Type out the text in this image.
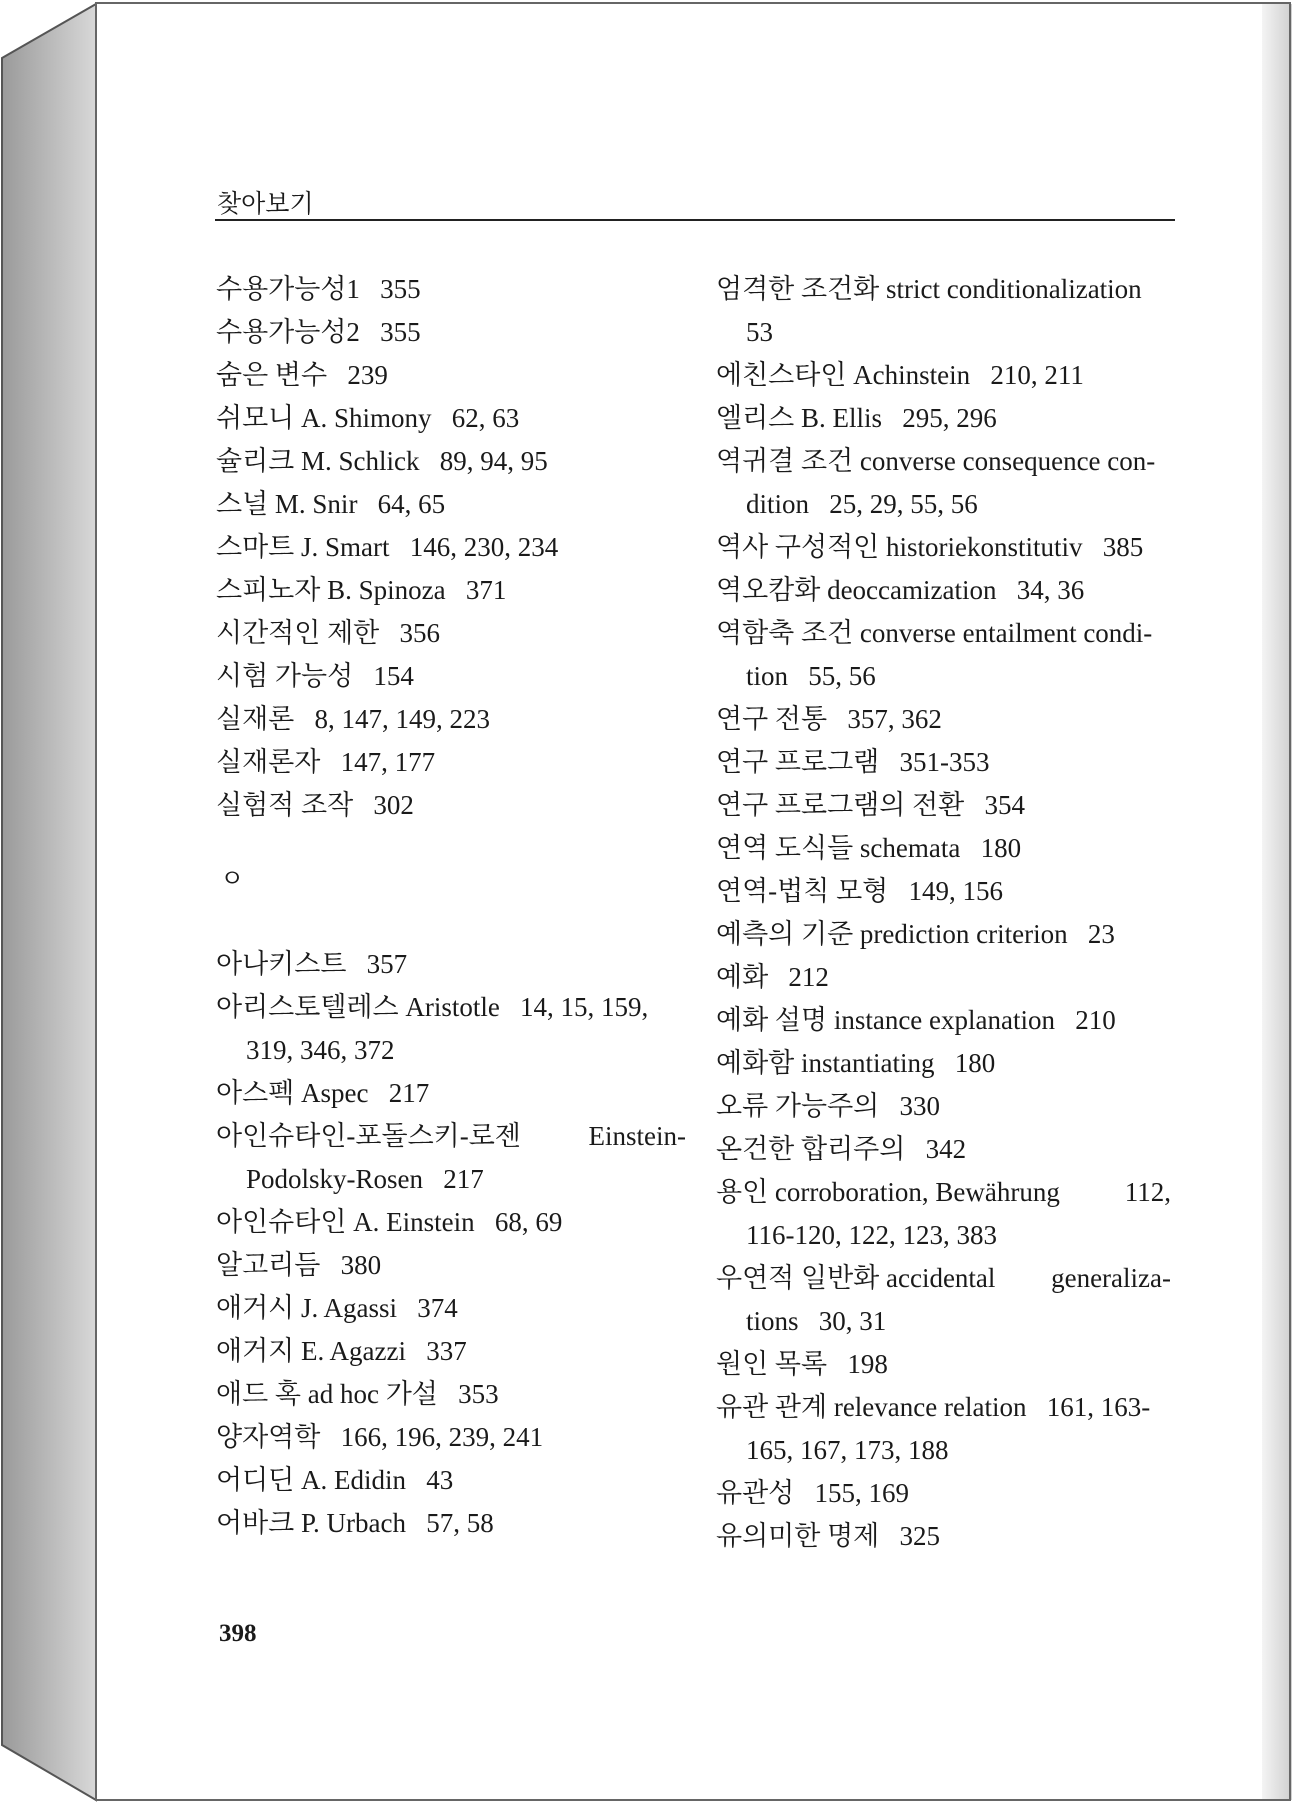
찾아보기
수용가능성1   355
수용가능성2   355
숨은 변수   239
쉬모니 A. Shimony   62, 63
슐리크 M. Schlick   89, 94, 95
스널 M. Snir   64, 65
스마트 J. Smart   146, 230, 234
스피노자 B. Spinoza   371
시간적인 제한   356
시험 가능성   154
실재론   8, 147, 149, 223
실재론자   147, 177
실험적 조작   302
ㅇ
아나키스트   357
아리스토텔레스 Aristotle   14, 15, 159,
319, 346, 372
아스펙 Aspec   217
아인슈타인-포돌스키-로젠	Einstein-
Podolsky-Rosen   217
아인슈타인 A. Einstein   68, 69
알고리듬   380
애거시 J. Agassi   374
애거지 E. Agazzi   337
애드 혹 ad hoc 가설   353
양자역학   166, 196, 239, 241
어디딘 A. Edidin   43
어바크 P. Urbach   57, 58
엄격한 조건화 strict conditionalization
53
에친스타인 Achinstein   210, 211
엘리스 B. Ellis   295, 296
역귀결 조건 converse consequence con-
dition   25, 29, 55, 56
역사 구성적인 historiekonstitutiv   385
역오캄화 deoccamization   34, 36
역함축 조건 converse entailment condi-
tion   55, 56
연구 전통   357, 362
연구 프로그램   351-353
연구 프로그램의 전환   354
연역 도식들 schemata   180
연역-법칙 모형   149, 156
예측의 기준 prediction criterion   23
예화   212
예화 설명 instance explanation   210
예화함 instantiating   180
오류 가능주의   330
온건한 합리주의   342
용인 corroboration, Bewährung 112,
116-120, 122, 123, 383
우연적 일반화 accidental generaliza-
tions   30, 31
원인 목록   198
유관 관계 relevance relation   161, 163-
165, 167, 173, 188
유관성   155, 169
유의미한 명제   325
398
